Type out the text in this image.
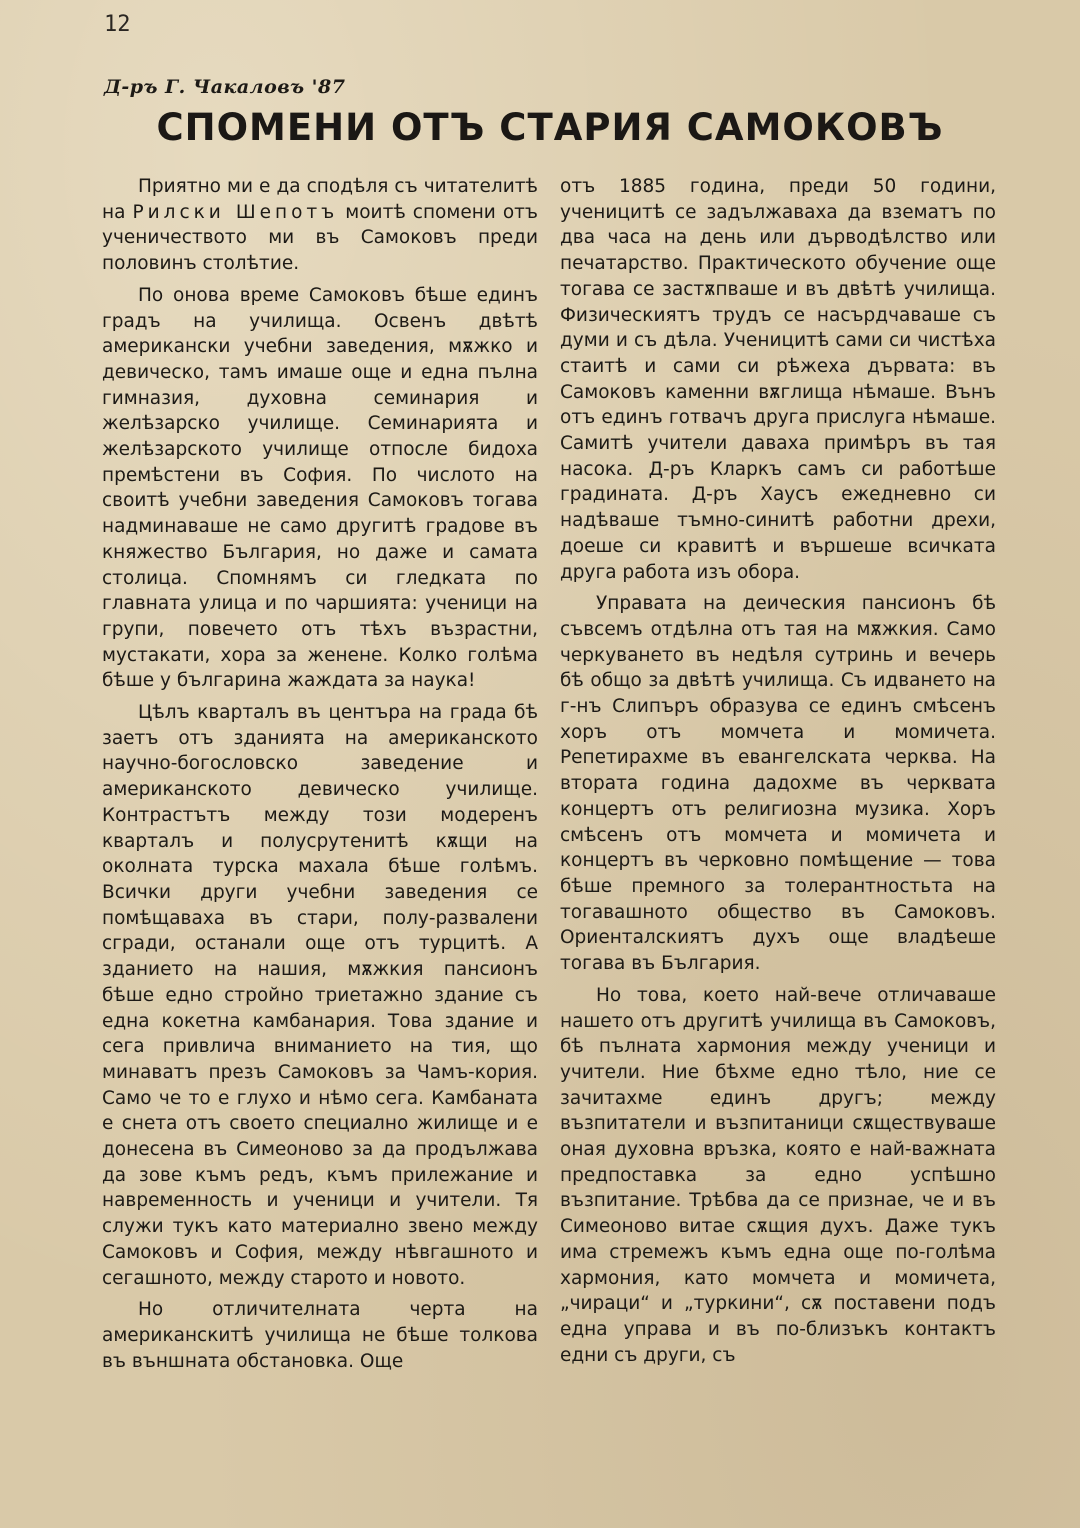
12
Д-ръ Г. Чакаловъ '87
СПОМЕНИ ОТЪ СТАРИЯ САМОКОВЪ

Приятно ми е да сподѣля съ читателитѣ на Рилски Шепотъ моитѣ спомени отъ ученичеството ми въ Самоковъ преди половинъ столѣтие.

По онова време Самоковъ бѣше единъ градъ на училища. Освенъ двѣтѣ американски учебни заведения, мѫжко и девическо, тамъ имаше още и една пълна гимназия, духовна семинария и желѣзарско училище. Семинарията и желѣзарското училище отпосле бидоха премѣстени въ София. По числото на своитѣ учебни заведения Самоковъ тогава надминаваше не само другитѣ градове въ княжество България, но даже и самата столица. Спомнямъ си гледката по главната улица и по чаршията: ученици на групи, повечето отъ тѣхъ възрастни, мустакати, хора за женене. Колко голѣма бѣше у българина жаждата за наука!

Цѣлъ кварталъ въ центъра на града бѣ заетъ отъ зданията на американското научно-богословско заведение и американското девическо училище. Контрастътъ между този модеренъ кварталъ и полусрутенитѣ кѫщи на околната турска махала бѣше голѣмъ. Всички други учебни заведения се помѣщаваха въ стари, полу-развалени сгради, останали още отъ турцитѣ. А зданието на нашия, мѫжкия пансионъ бѣше едно стройно триетажно здание съ една кокетна камбанария. Това здание и сега привлича вниманието на тия, що минаватъ презъ Самоковъ за Чамъ-кория. Само че то е глухо и нѣмо сега. Камбаната е снета отъ своето специално жилище и е донесена въ Симеоново за да продължава да зове къмъ редъ, къмъ прилежание и навременность и ученици и учители. Тя служи тукъ като материално звено между Самоковъ и София, между нѣвгашното и сегашното, между старото и новото.

Но отличителната черта на американскитѣ училища не бѣше толкова въ външната обстановка. Още

отъ 1885 година, преди 50 години, ученицитѣ се задължаваха да взематъ по два часа на день или дърводѣлство или печатарство. Практическото обучение още тогава се застѫпваше и въ двѣтѣ училища. Физическиятъ трудъ се насърдчаваше съ думи и съ дѣла. Ученицитѣ сами си чистѣха стаитѣ и сами си рѣжеха дървата: въ Самоковъ каменни вѫглища нѣмаше. Вънъ отъ единъ готвачъ друга прислуга нѣмаше. Самитѣ учители даваха примѣръ въ тая насока. Д-ръ Кларкъ самъ си работѣше градината. Д-ръ Хаусъ ежедневно си надѣваше тъмно-синитѣ работни дрехи, доеше си кравитѣ и вършеше всичката друга работа изъ обора.

Управата на деическия пансионъ бѣ съвсемъ отдѣлна отъ тая на мѫжкия. Само черкуването въ недѣля сутринь и вечерь бѣ общо за двѣтѣ училища. Съ идването на г-нъ Слипъръ образува се единъ смѣсенъ хоръ отъ момчета и момичета. Репетирахме въ евангелската черква. На втората година дадохме въ черквата концертъ отъ религиозна музика. Хоръ смѣсенъ отъ момчета и момичета и концертъ въ черковно помѣщение — това бѣше премного за толерантностьта на тогавашното общество въ Самоковъ. Ориенталскиятъ духъ още владѣеше тогава въ България.

Но това, което най-вече отличаваше нашето отъ другитѣ училища въ Самоковъ, бѣ пълната хармония между ученици и учители. Ние бѣхме едно тѣло, ние се зачитахме единъ другъ; между възпитатели и възпитаници сѫществуваше оная духовна връзка, която е най-важната предпоставка за едно успѣшно възпитание. Трѣбва да се признае, че и въ Симеоново витае сѫщия духъ. Даже тукъ има стремежъ къмъ една още по-голѣма хармония, като момчета и момичета, „чираци“ и „туркини“, сѫ поставени подъ една управа и въ по-близъкъ контактъ едни съ други, съ
